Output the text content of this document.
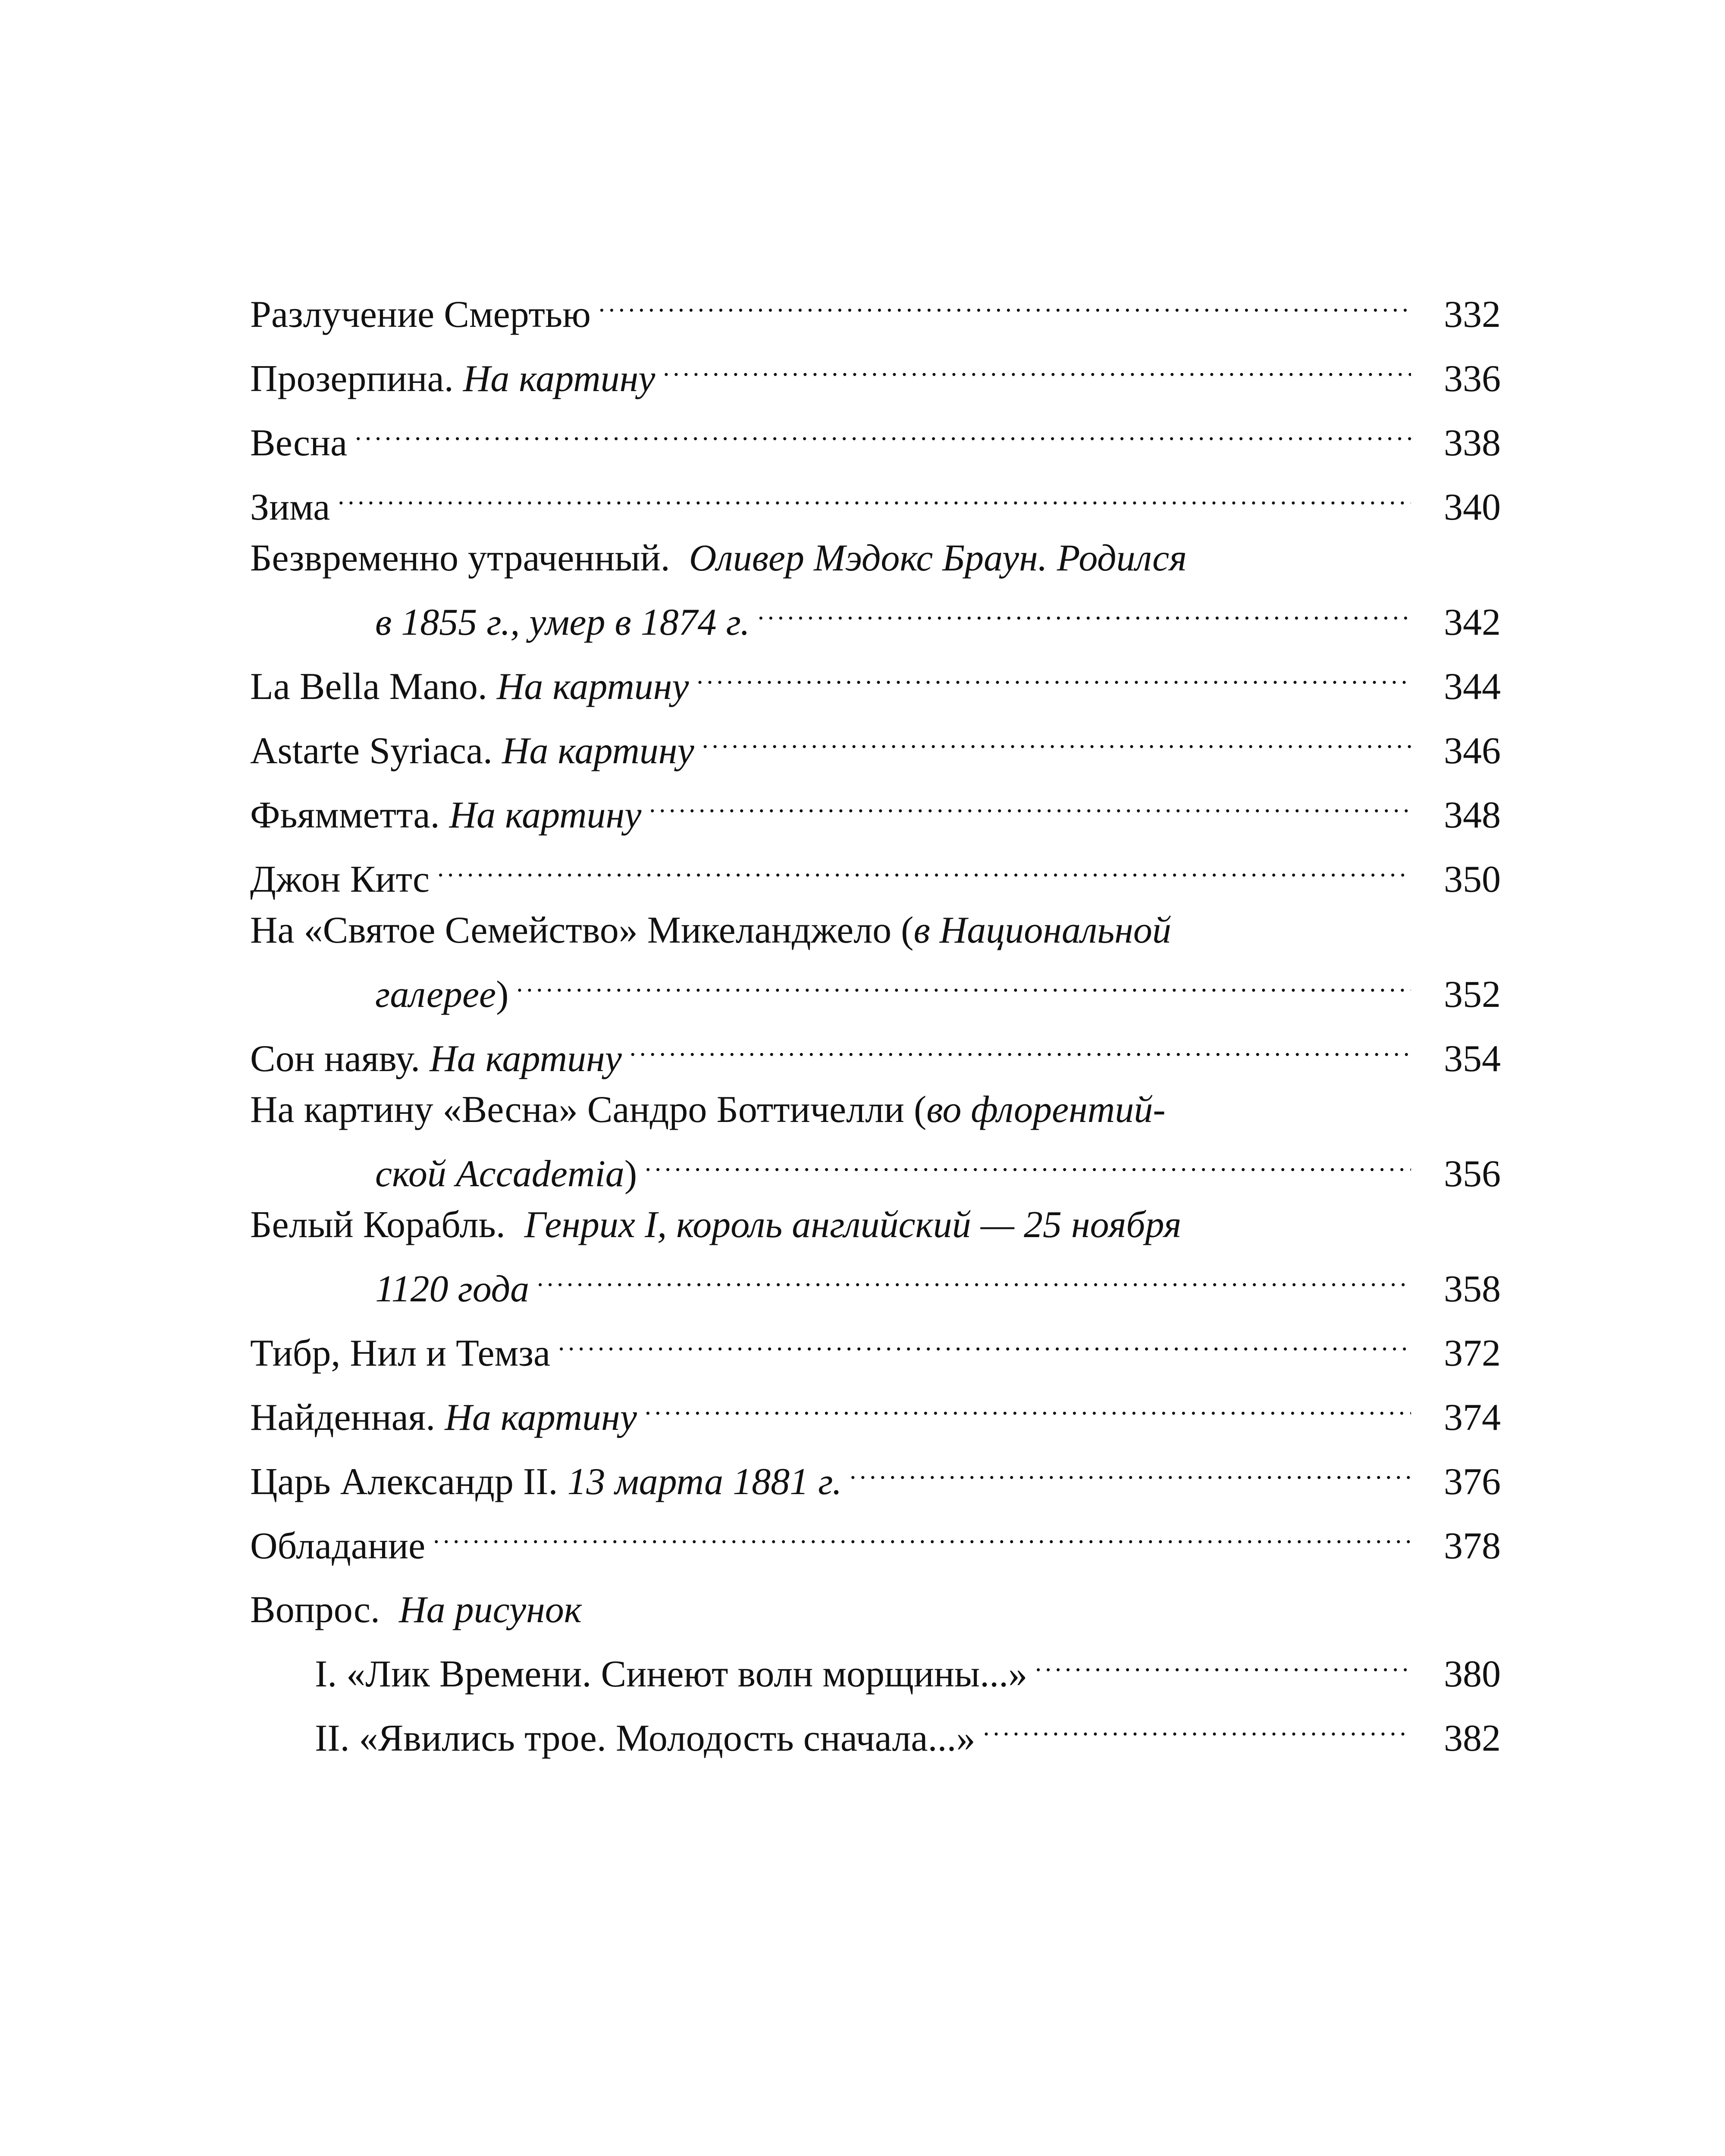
Разлучение Смертью .....	332
Прозерпина. На картину .....	336
Весна .....	338
Зима .....	340
Безвременно утраченный. Оливер Мэдокс Браун. Родился
в 1855 г., умер в 1874 г. .....	342
La Bella Mano. На картину .....	344
Astarte Syriaca. На картину .....	346
Фьямметта. На картину .....	348
Джон Китс .....	350
На «Святое Семейство» Микеланджело (в Национальной
галерее) .....	352
Сон наяву. На картину .....	354
На картину «Весна» Сандро Боттичелли (во флорентий-
ской Accademia) .....	356
Белый Корабль. Генрих I, король английский — 25 ноября
1120 года .....	358
Тибр, Нил и Темза .....	372
Найденная. На картину .....	374
Царь Александр II. 13 марта 1881 г. .....	376
Обладание .....	378
Вопрос. На рисунок
I. «Лик Времени. Синеют волн морщины...» .....	380
II. «Явились трое. Молодость сначала...» .....	382
